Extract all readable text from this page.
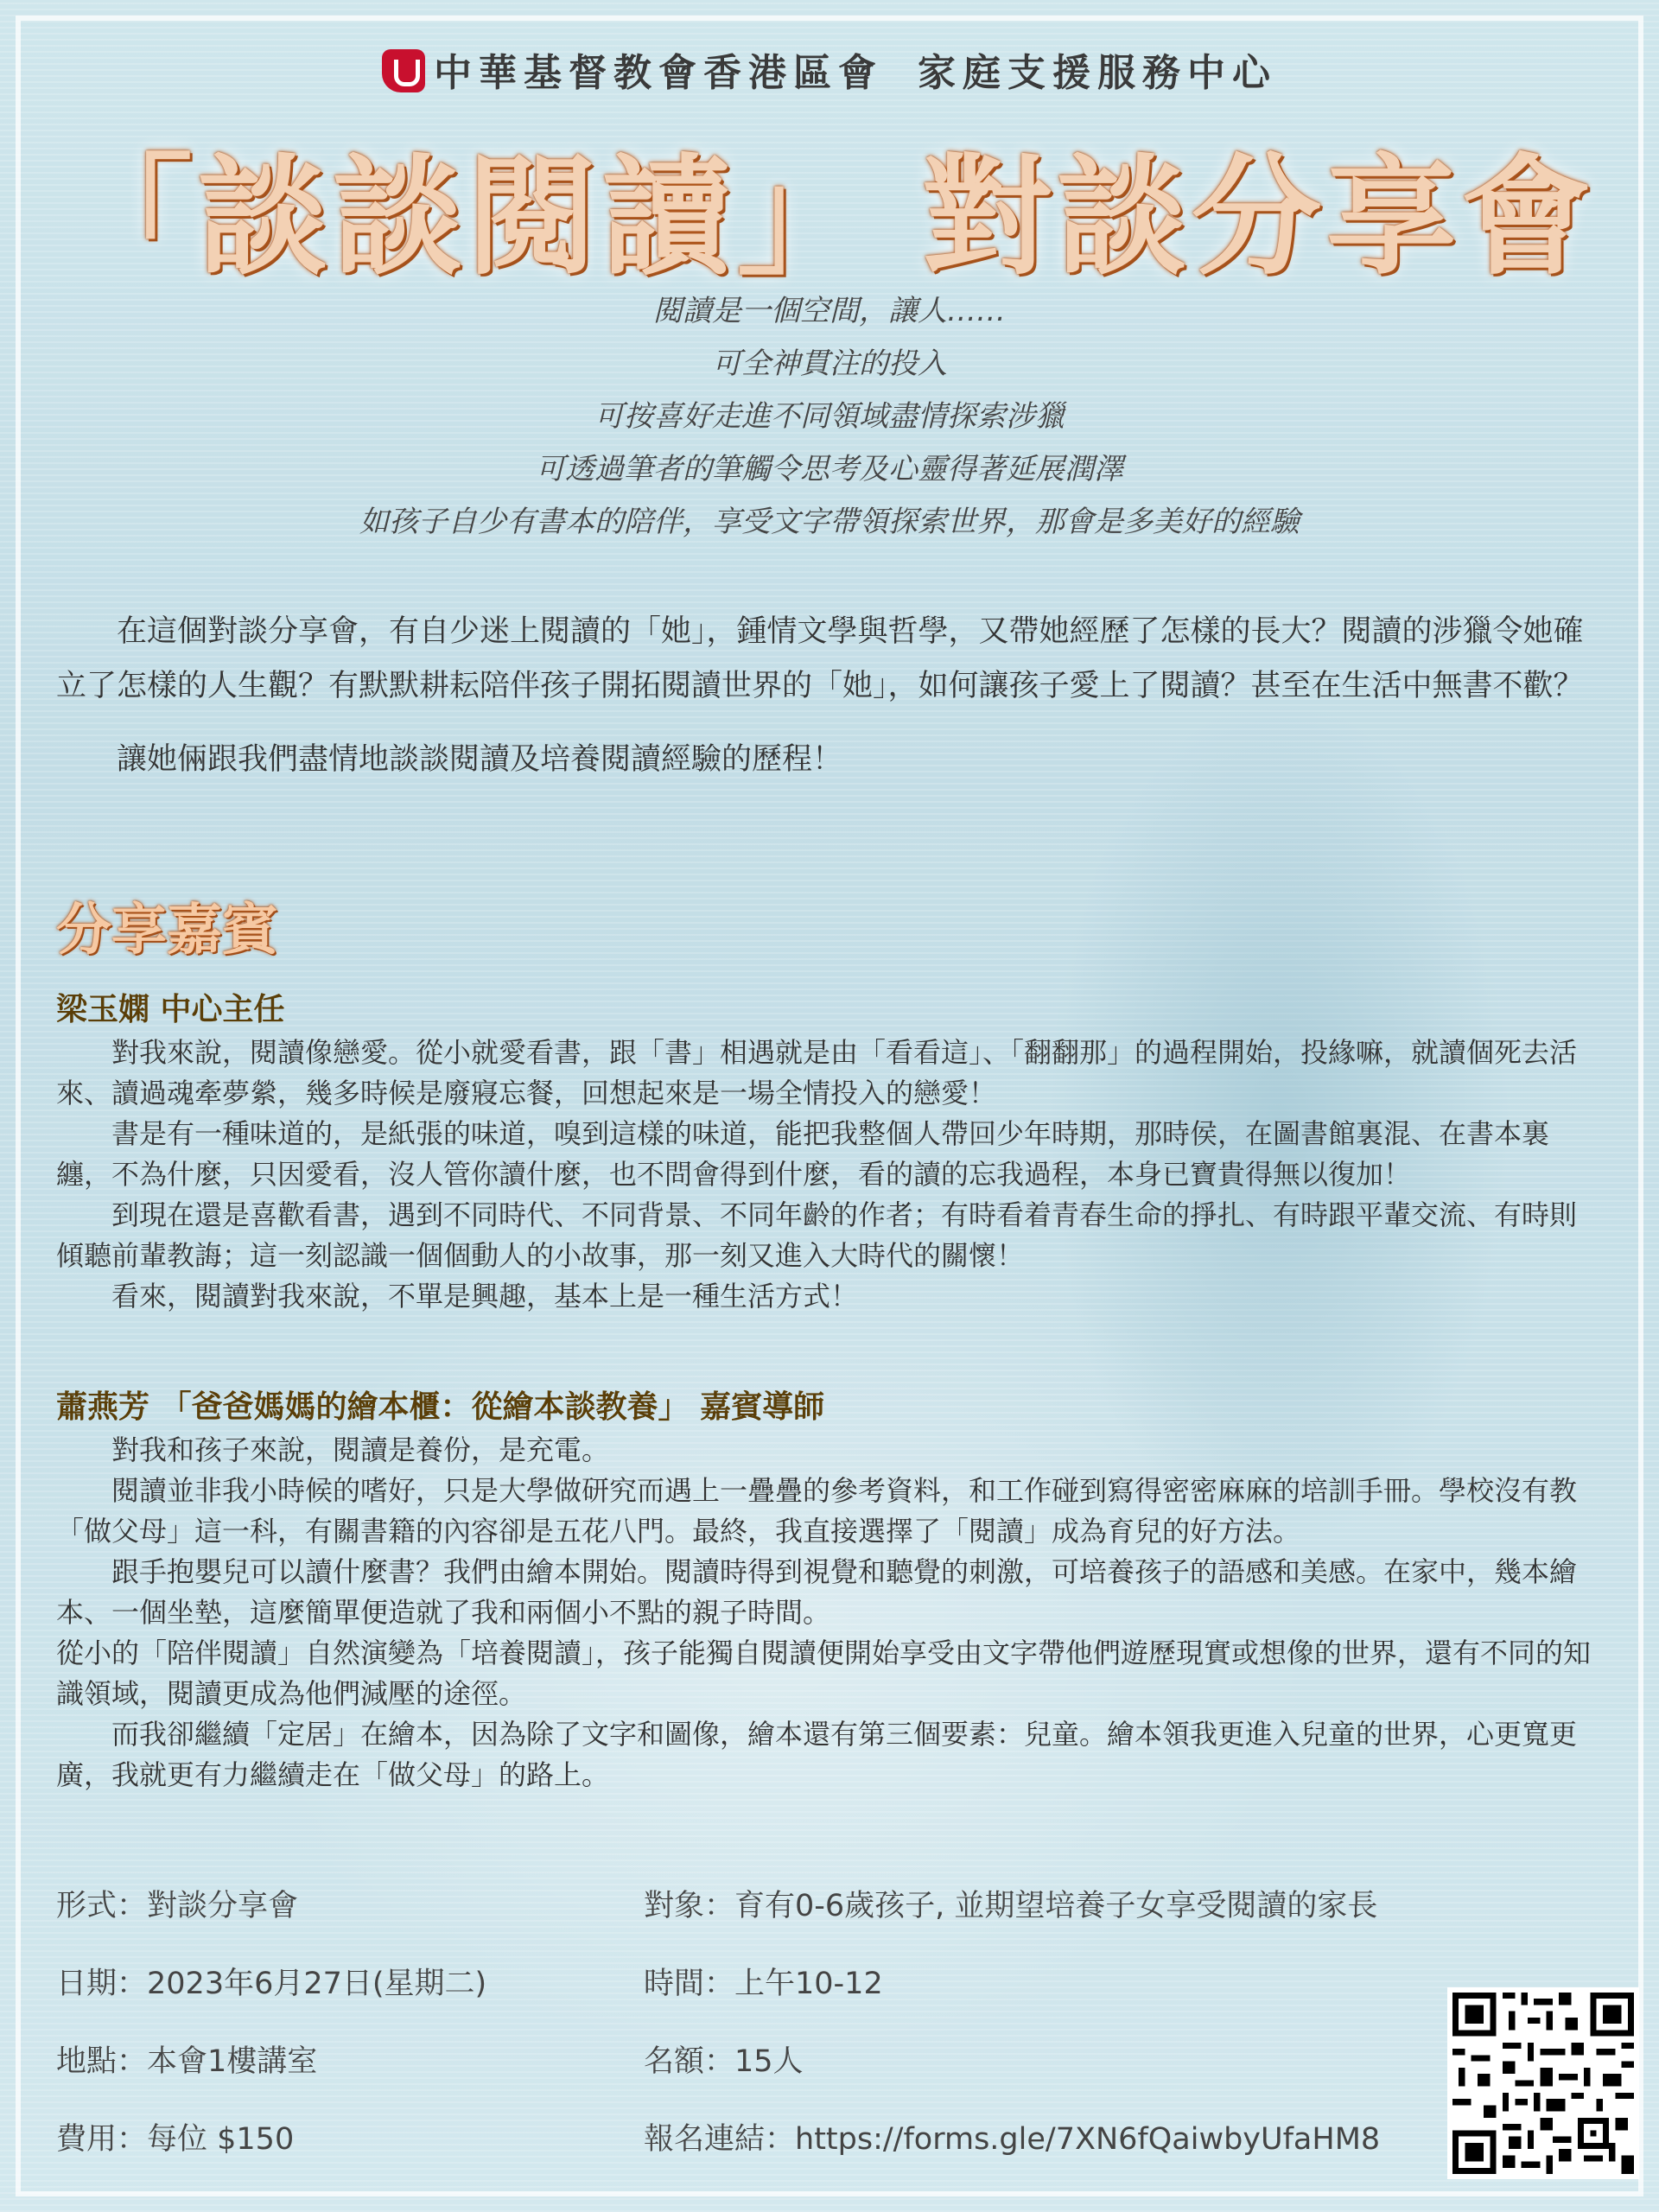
中華基督教會香港區會 家庭支援服務中心
「談談閱讀」 對談分享會
閱讀是一個空間，讓人……
可全神貫注的投入
可按喜好走進不同領域盡情探索涉獵
可透過筆者的筆觸令思考及心靈得著延展潤澤
如孩子自少有書本的陪伴，享受文字帶領探索世界，那會是多美好的經驗

在這個對談分享會，有自少迷上閱讀的「她」，鍾情文學與哲學，又帶她經歷了怎樣的長大？閱讀的涉獵令她確立了怎樣的人生觀？有默默耕耘陪伴孩子開拓閱讀世界的「她」，如何讓孩子愛上了閱讀？甚至在生活中無書不歡？

讓她倆跟我們盡情地談談閱讀及培養閱讀經驗的歷程！

分享嘉賓
梁玉嫻 中心主任

對我來說，閱讀像戀愛。從小就愛看書，跟「書」相遇就是由「看看這」、「翻翻那」的過程開始，投緣嘛，就讀個死去活來、讀過魂牽夢縈，幾多時候是廢寢忘餐，回想起來是一場全情投入的戀愛！

書是有一種味道的，是紙張的味道，嗅到這樣的味道，能把我整個人帶回少年時期，那時侯，在圖書館裏混、在書本裏纏，不為什麼，只因愛看，沒人管你讀什麼，也不問會得到什麼，看的讀的忘我過程，本身已寶貴得無以復加！

到現在還是喜歡看書，遇到不同時代、不同背景、不同年齡的作者；有時看着青春生命的掙扎、有時跟平輩交流、有時則傾聽前輩教誨；這一刻認識一個個動人的小故事，那一刻又進入大時代的關懷！

看來，閱讀對我來說，不單是興趣，基本上是一種生活方式！

蕭燕芳 「爸爸媽媽的繪本櫃：從繪本談教養」 嘉賓導師

對我和孩子來說，閱讀是養份，是充電。

閱讀並非我小時候的嗜好，只是大學做研究而遇上一疊疊的參考資料，和工作碰到寫得密密麻麻的培訓手冊。學校沒有教「做父母」這一科，有關書籍的內容卻是五花八門。最終，我直接選擇了「閱讀」成為育兒的好方法。

跟手抱嬰兒可以讀什麼書？我們由繪本開始。閱讀時得到視覺和聽覺的刺激，可培養孩子的語感和美感。在家中，幾本繪本、一個坐墊，這麼簡單便造就了我和兩個小不點的親子時間。

從小的「陪伴閱讀」自然演變為「培養閱讀」，孩子能獨自閱讀便開始享受由文字帶他們遊歷現實或想像的世界，還有不同的知識領域，閱讀更成為他們減壓的途徑。

而我卻繼續「定居」在繪本，因為除了文字和圖像，繪本還有第三個要素：兒童。繪本領我更進入兒童的世界，心更寬更廣，我就更有力繼續走在「做父母」的路上。

形式：對談分享會	對象：育有0-6歲孩子, 並期望培養子女享受閱讀的家長
日期：2023年6月27日(星期二)	時間：上午10-12
地點：本會1樓講室	名額：15人
費用：每位 $150	報名連結：https://forms.gle/7XN6fQaiwbyUfaHM8
